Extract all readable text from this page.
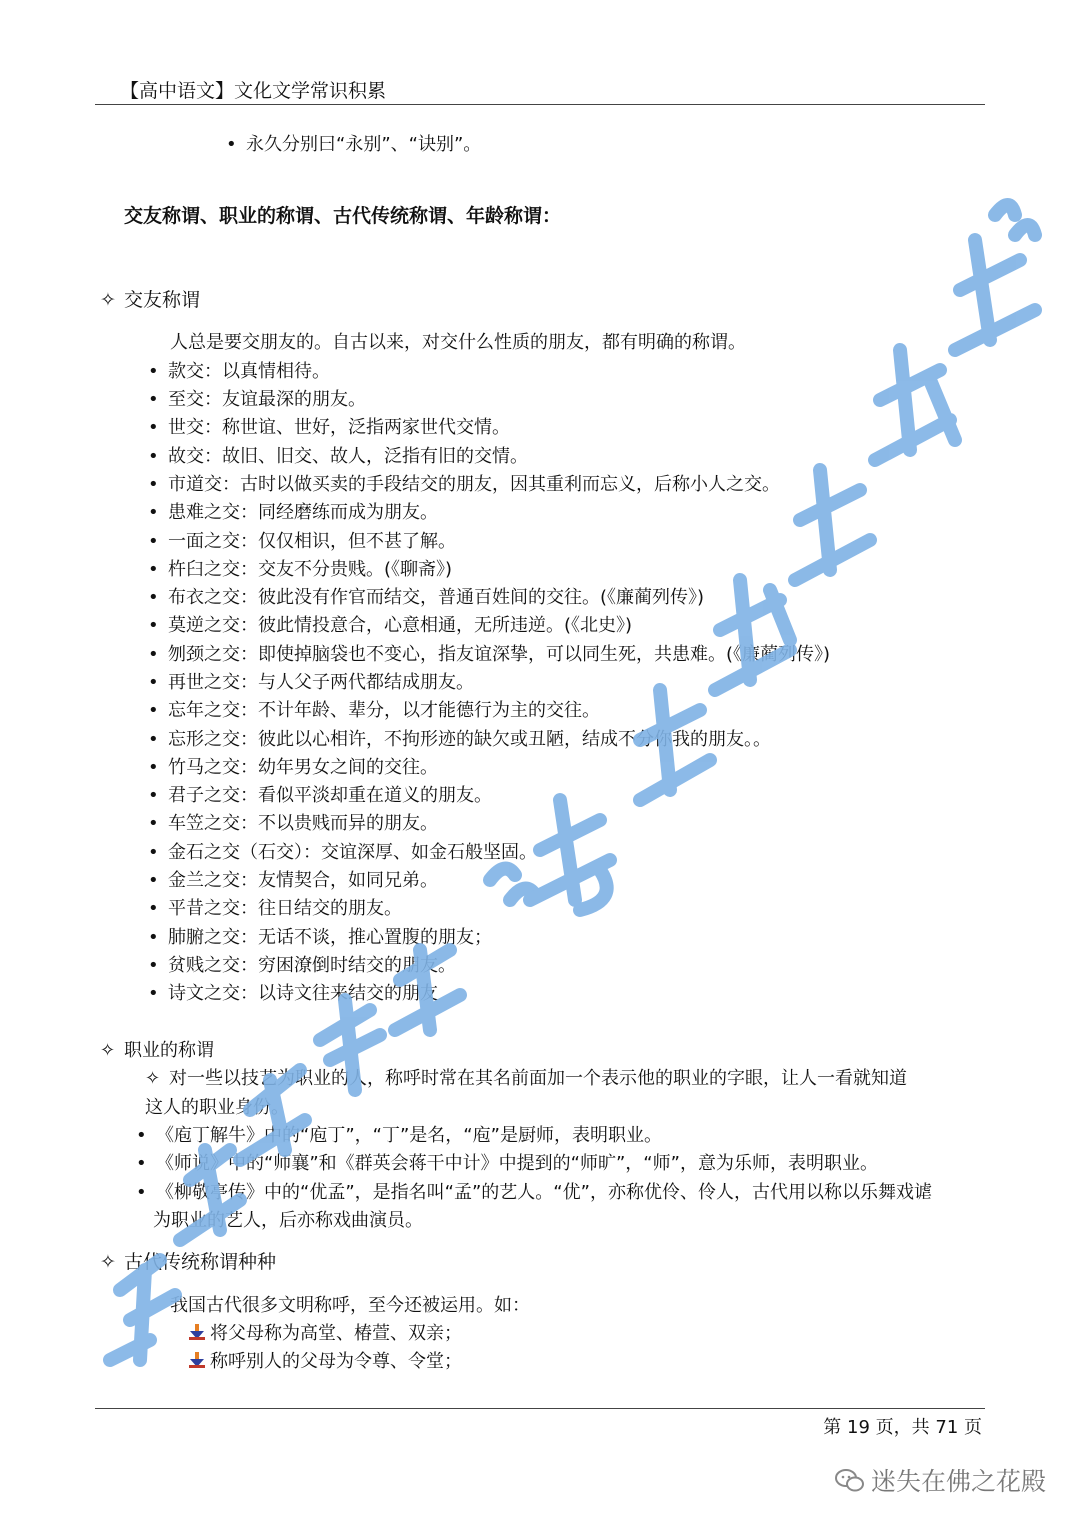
【高中语文】文化文学常识积累
• 永久分别曰“永别”、“诀别”。
交友称谓、职业的称谓、古代传统称谓、年龄称谓：
✧ 交友称谓
人总是要交朋友的。自古以来，对交什么性质的朋友，都有明确的称谓。
• 款交：以真情相待。
• 至交：友谊最深的朋友。
• 世交：称世谊、世好，泛指两家世代交情。
• 故交：故旧、旧交、故人，泛指有旧的交情。
• 市道交：古时以做买卖的手段结交的朋友，因其重利而忘义，后称小人之交。
• 患难之交：同经磨练而成为朋友。
• 一面之交：仅仅相识，但不甚了解。
• 杵臼之交：交友不分贵贱。(《聊斋》)
• 布衣之交：彼此没有作官而结交，普通百姓间的交往。(《廉蔺列传》)
• 莫逆之交：彼此情投意合，心意相通，无所违逆。(《北史》)
• 刎颈之交：即使掉脑袋也不变心，指友谊深挚，可以同生死，共患难。(《廉蔺列传》)
• 再世之交：与人父子两代都结成朋友。
• 忘年之交：不计年龄、辈分，以才能德行为主的交往。
• 忘形之交：彼此以心相许，不拘形迹的缺欠或丑陋，结成不分你我的朋友。。
• 竹马之交：幼年男女之间的交往。
• 君子之交：看似平淡却重在道义的朋友。
• 车笠之交：不以贵贱而异的朋友。
• 金石之交（石交）：交谊深厚、如金石般坚固。
• 金兰之交：友情契合，如同兄弟。
• 平昔之交：往日结交的朋友。
• 肺腑之交：无话不谈，推心置腹的朋友；
• 贫贱之交：穷困潦倒时结交的朋友。
• 诗文之交：以诗文往来结交的朋友
✧ 职业的称谓
✧ 对一些以技艺为职业的人，称呼时常在其名前面加一个表示他的职业的字眼，让人一看就知道
这人的职业身份。
• 《庖丁解牛》中的“庖丁”，“丁”是名，“庖”是厨师，表明职业。
• 《师说》中的“师襄”和《群英会蒋干中计》中提到的“师旷”，“师”，意为乐师，表明职业。
• 《柳敬亭传》中的“优孟”，是指名叫“孟”的艺人。“优”，亦称优伶、伶人，古代用以称以乐舞戏谑
为职业的艺人，后亦称戏曲演员。
✧ 古代传统称谓种种
我国古代很多文明称呼，至今还被运用。如：
将父母称为高堂、椿萱、双亲；
称呼别人的父母为令尊、令堂；
第 19 页，共 71 页
迷失在佛之花殿
